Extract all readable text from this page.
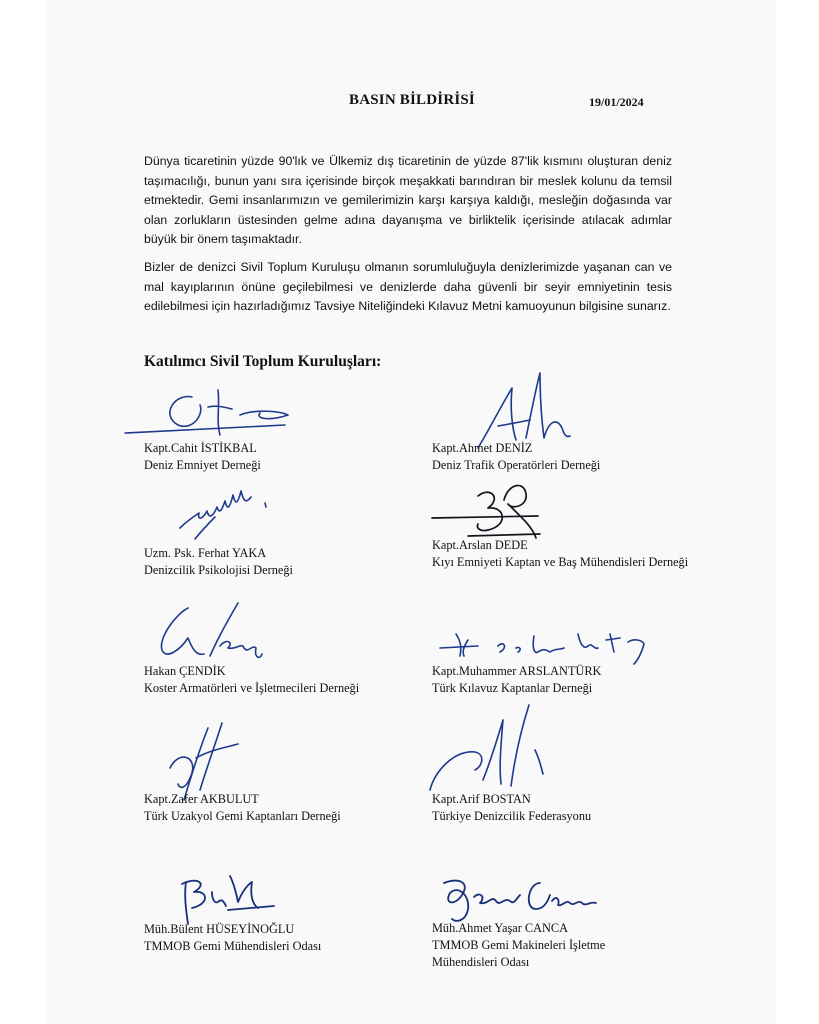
BASIN BİLDİRİSİ	19/01/2024
Dünya ticaretinin yüzde 90'lık ve Ülkemiz dış ticaretinin de yüzde 87'lik kısmını oluşturan deniz taşımacılığı, bunun yanı sıra içerisinde birçok meşakkati barındıran bir meslek kolunu da temsil etmektedir. Gemi insanlarımızın ve gemilerimizin karşı karşıya kaldığı, mesleğin doğasında var olan zorlukların üstesinden gelme adına dayanışma ve birliktelik içerisinde atılacak adımlar büyük bir önem taşımaktadır.
Bizler de denizci Sivil Toplum Kuruluşu olmanın sorumluluğuyla denizlerimizde yaşanan can ve mal kayıplarının önüne geçilebilmesi ve denizlerde daha güvenli bir seyir emniyetinin tesis edilebilmesi için hazırladığımız Tavsiye Niteliğindeki Kılavuz Metni kamuoyunun bilgisine sunarız.
Katılımcı Sivil Toplum Kuruluşları:
Kapt.Cahit İSTİKBAL
Deniz Emniyet Derneği
Uzm. Psk. Ferhat YAKA
Denizcilik Psikolojisi Derneği
Hakan ÇENDİK
Koster Armatörleri ve İşletmecileri Derneği
Kapt.Zafer AKBULUT
Türk Uzakyol Gemi Kaptanları Derneği
Müh.Bülent HÜSEYİNOĞLU
TMMOB Gemi Mühendisleri Odası
Kapt.Ahmet DENİZ
Deniz Trafik Operatörleri Derneği
Kapt.Arslan DEDE
Kıyı Emniyeti Kaptan ve Baş Mühendisleri Derneği
Kapt.Muhammer ARSLANTÜRK
Türk Kılavuz Kaptanlar Derneği
Kapt.Arif BOSTAN
Türkiye Denizcilik Federasyonu
Müh.Ahmet Yaşar CANCA
TMMOB Gemi Makineleri İşletme Mühendisleri Odası
